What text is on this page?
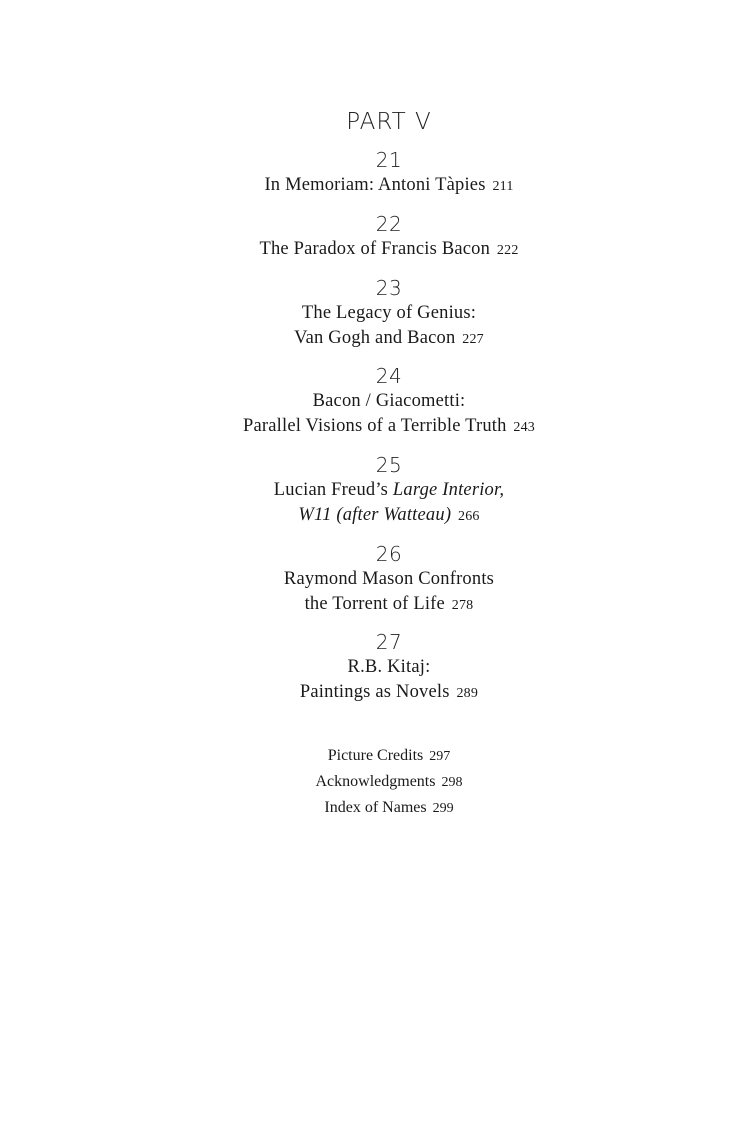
PART V
21
In Memoriam: Antoni Tàpies 211
22
The Paradox of Francis Bacon 222
23
The Legacy of Genius:
Van Gogh and Bacon 227
24
Bacon / Giacometti:
Parallel Visions of a Terrible Truth 243
25
Lucian Freud’s Large Interior,
W11 (after Watteau) 266
26
Raymond Mason Confronts
the Torrent of Life 278
27
R.B. Kitaj:
Paintings as Novels 289
Picture Credits 297
Acknowledgments 298
Index of Names 299
